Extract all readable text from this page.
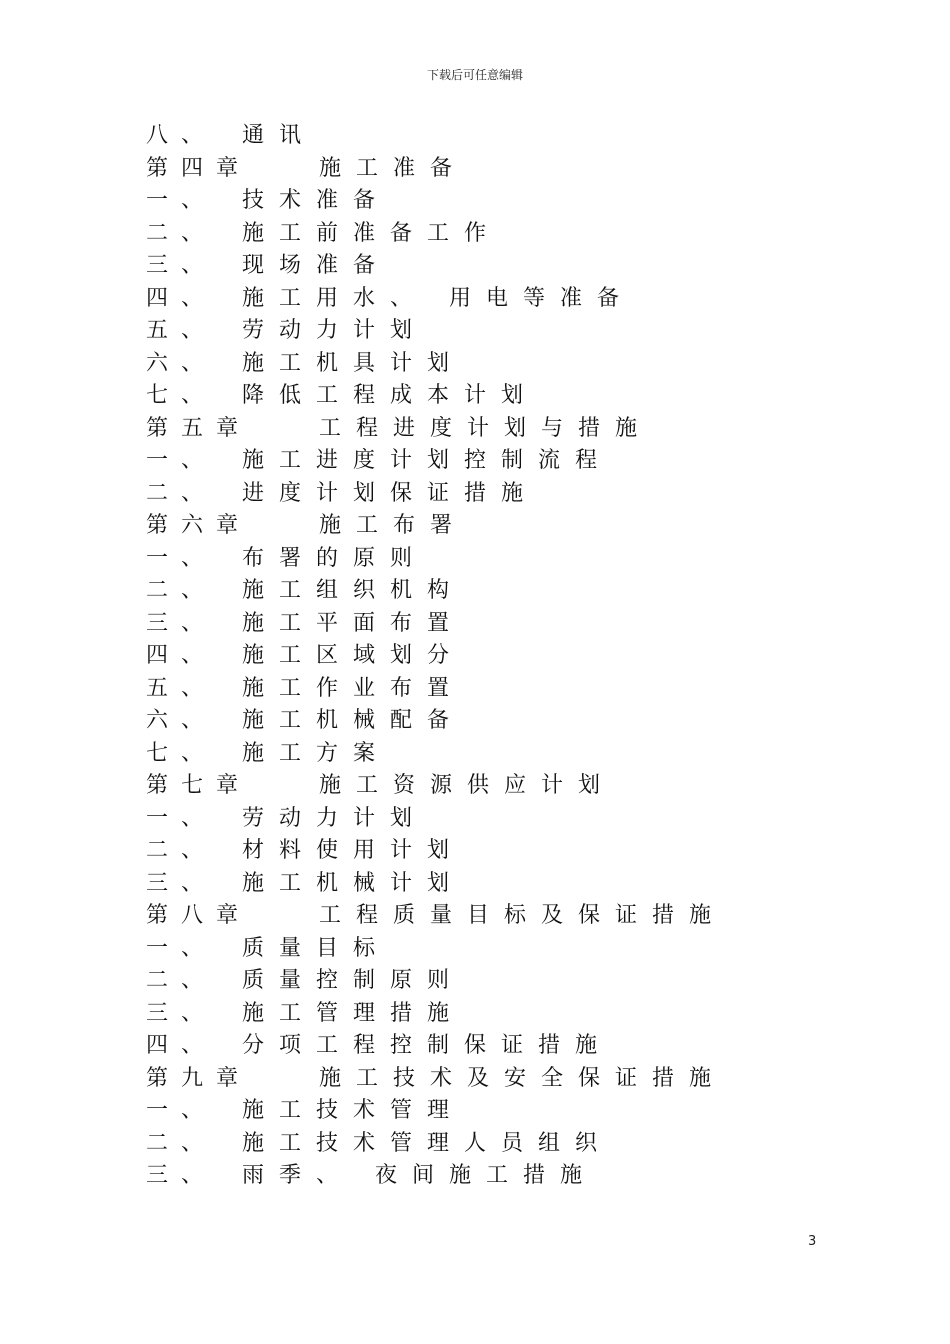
下载后可任意编辑
八、 通讯
第四章	施工准备
一、 技术准备
二、 施工前准备工作
三、 现场准备
四、 施工用水、 用电等准备
五、 劳动力计划
六、 施工机具计划
七、 降低工程成本计划
第五章	工程进度计划与措施
一、 施工进度计划控制流程
二、 进度计划保证措施
第六章	施工布署
一、 布署的原则
二、 施工组织机构
三、 施工平面布置
四、 施工区域划分
五、 施工作业布置
六、 施工机械配备
七、 施工方案
第七章	施工资源供应计划
一、 劳动力计划
二、 材料使用计划
三、 施工机械计划
第八章	工程质量目标及保证措施
一、 质量目标
二、 质量控制原则
三、 施工管理措施
四、 分项工程控制保证措施
第九章	施工技术及安全保证措施
一、 施工技术管理
二、 施工技术管理人员组织
三、 雨季、 夜间施工措施
3
